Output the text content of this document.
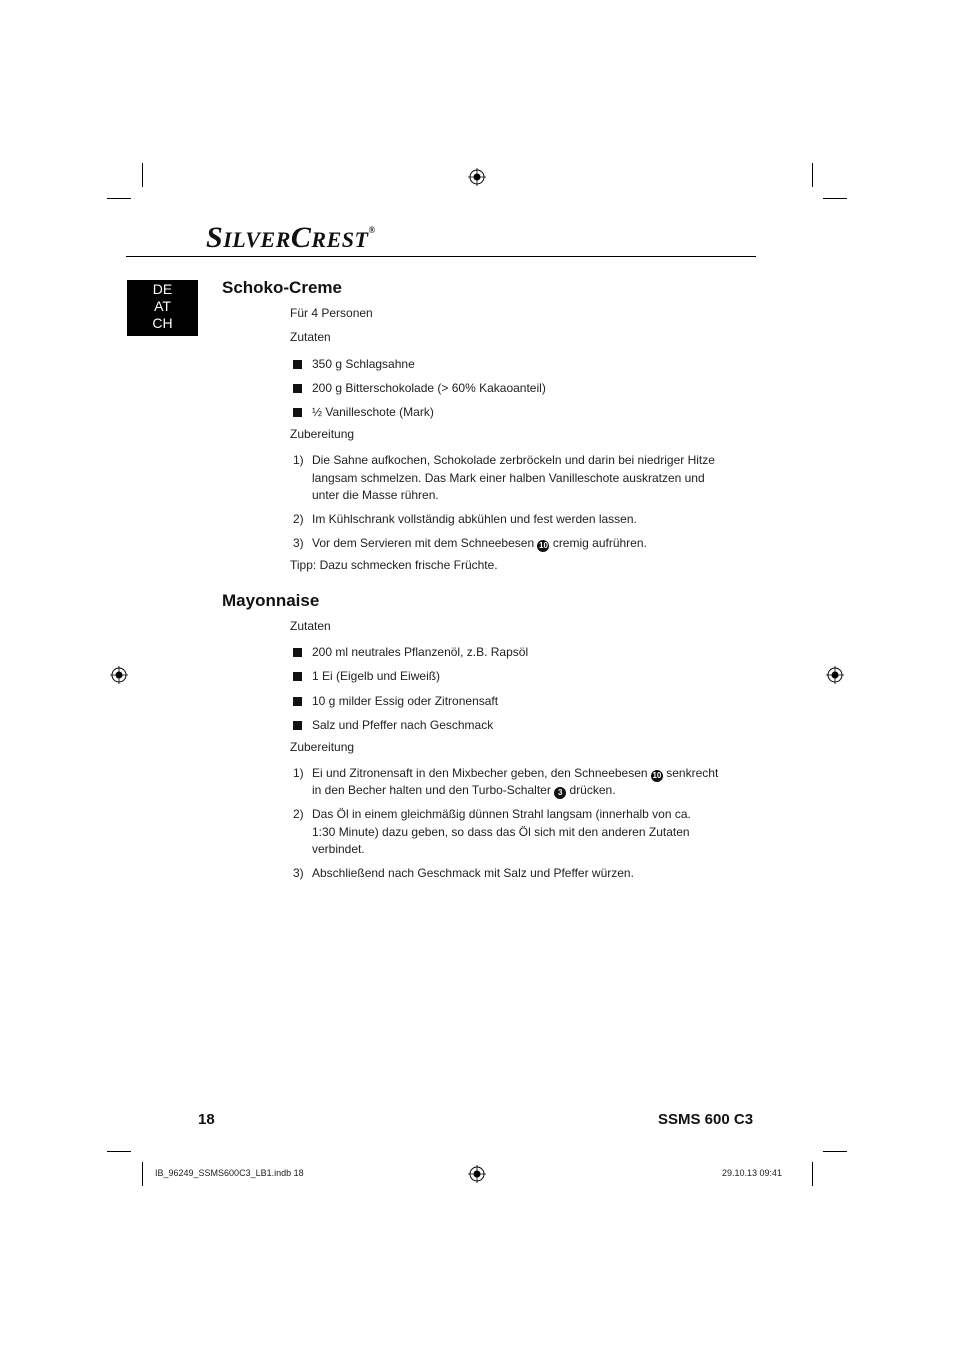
SILVERCREST®
DE
AT
CH
Schoko-Creme
Für 4 Personen
Zutaten
350 g Schlagsahne
200 g Bitterschokolade (> 60% Kakaoanteil)
½ Vanilleschote (Mark)
Zubereitung
1) Die Sahne aufkochen, Schokolade zerbröckeln und darin bei niedriger Hitze
langsam schmelzen. Das Mark einer halben Vanilleschote auskratzen und
unter die Masse rühren.
2) Im Kühlschrank vollständig abkühlen und fest werden lassen.
3) Vor dem Servieren mit dem Schneebesen 10 cremig aufrühren.
Tipp: Dazu schmecken frische Früchte.
Mayonnaise
Zutaten
200 ml neutrales Pflanzenöl, z.B. Rapsöl
1 Ei (Eigelb und Eiweiß)
10 g milder Essig oder Zitronensaft
Salz und Pfeffer nach Geschmack
Zubereitung
1) Ei und Zitronensaft in den Mixbecher geben, den Schneebesen 10 senkrecht
in den Becher halten und den Turbo-Schalter 3 drücken.
2) Das Öl in einem gleichmäßig dünnen Strahl langsam (innerhalb von ca.
1:30 Minute) dazu geben, so dass das Öl sich mit den anderen Zutaten
verbindet.
3) Abschließend nach Geschmack mit Salz und Pfeffer würzen.
18	SSMS 600 C3
IB_96249_SSMS600C3_LB1.indb 18	29.10.13 09:41
